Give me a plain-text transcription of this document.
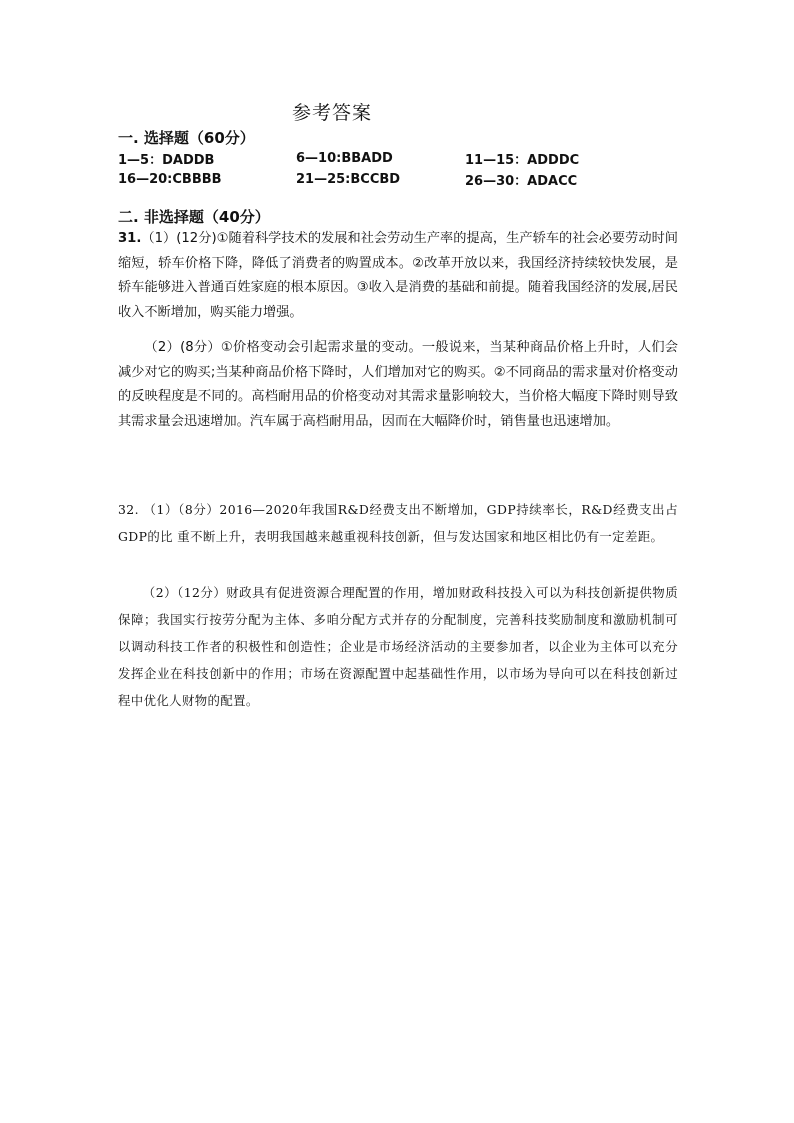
参考答案
一. 选择题（60分）
1—5：DADDB	6—10:BBADD	11—15：ADDDC
16—20:CBBBB	21—25:BCCBD	26—30：ADACC
二. 非选择题（40分）

31.（1）(12分)①随着科学技术的发展和社会劳动生产率的提高，生产轿车的社会必要劳动时间缩短，轿车价格下降，降低了消费者的购置成本。②改革开放以来，我国经济持续较快发展，是轿车能够进入普通百姓家庭的根本原因。③收入是消费的基础和前提。随着我国经济的发展,居民收入不断增加，购买能力增强。

（2）(8分）①价格变动会引起需求量的变动。一般说来，当某种商品价格上升时，人们会减少对它的购买;当某种商品价格下降时，人们增加对它的购买。②不同商品的需求量对价格变动的反映程度是不同的。高档耐用品的价格变动对其需求量影响较大，当价格大幅度下降时则导致其需求量会迅速增加。汽车属于高档耐用品，因而在大幅降价时，销售量也迅速增加。

32. （1）（8分）2016—2020年我国R&D经费支出不断增加，GDP持续率长，R&D经费支出占GDP的比 重不断上升，表明我国越来越重视科技创新，但与发达国家和地区相比仍有一定差距。

（2）（12分）财政具有促进资源合理配置的作用，增加财政科技投入可以为科技创新提供物质保障；我国实行按劳分配为主体、多咱分配方式并存的分配制度，完善科技奖励制度和激励机制可以调动科技工作者的积极性和创造性；企业是市场经济活动的主要参加者，以企业为主体可以充分发挥企业在科技创新中的作用；市场在资源配置中起基础性作用，以市场为导向可以在科技创新过程中优化人财物的配置。
